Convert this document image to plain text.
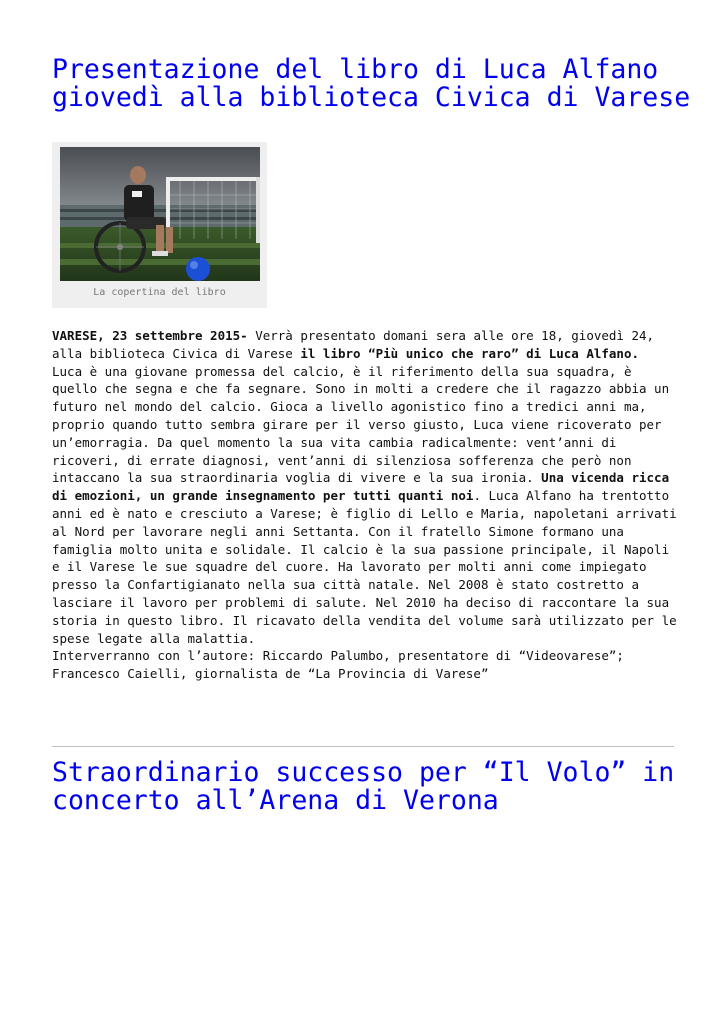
Presentazione del libro di Luca Alfano giovedì alla biblioteca Civica di Varese
La copertina del libro

VARESE, 23 settembre 2015- Verrà presentato domani sera alle ore 18, giovedì 24, alla biblioteca Civica di Varese il libro “Più unico che raro” di Luca Alfano.

Luca è una giovane promessa del calcio, è il riferimento della sua squadra, è quello che segna e che fa segnare. Sono in molti a credere che il ragazzo abbia un futuro nel mondo del calcio. Gioca a livello agonistico fino a tredici anni ma, proprio quando tutto sembra girare per il verso giusto, Luca viene ricoverato per un’emorragia. Da quel momento la sua vita cambia radicalmente: vent’anni di ricoveri, di errate diagnosi, vent’anni di silenziosa sofferenza che però non intaccano la sua straordinaria voglia di vivere e la sua ironia. Una vicenda ricca di emozioni, un grande insegnamento per tutti quanti noi. Luca Alfano ha trentotto anni ed è nato e cresciuto a Varese; è figlio di Lello e Maria, napoletani arrivati al Nord per lavorare negli anni Settanta. Con il fratello Simone formano una famiglia molto unita e solidale. Il calcio è la sua passione principale, il Napoli e il Varese le sue squadre del cuore. Ha lavorato per molti anni come impiegato presso la Confartigianato nella sua città natale. Nel 2008 è stato costretto a lasciare il lavoro per problemi di salute. Nel 2010 ha deciso di raccontare la sua storia in questo libro. Il ricavato della vendita del volume sarà utilizzato per le spese legate alla malattia.

Interverranno con l’autore: Riccardo Palumbo, presentatore di “Videovarese”; Francesco Caielli, giornalista de “La Provincia di Varese”

Straordinario successo per “Il Volo” in concerto all’Arena di Verona
